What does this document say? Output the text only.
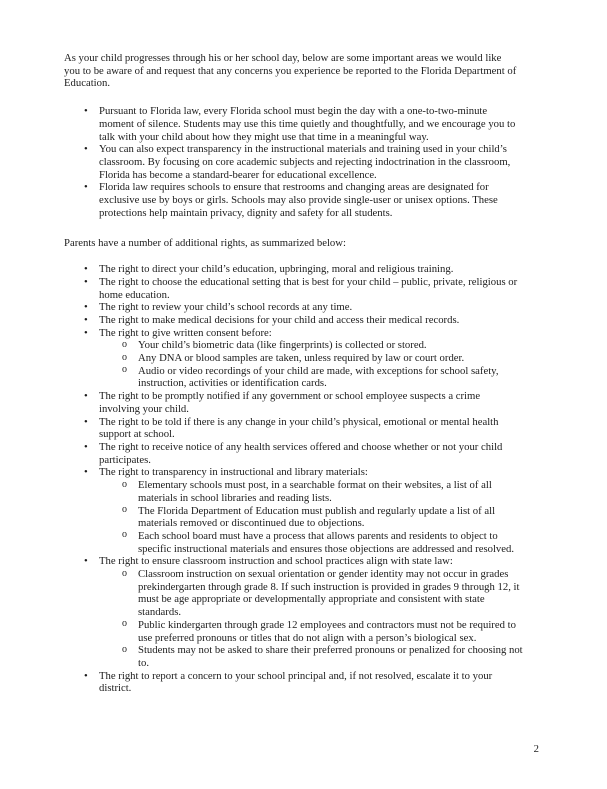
As your child progresses through his or her school day, below are some important areas we would like
you to be aware of and request that any concerns you experience be reported to the Florida Department of
Education.

• Pursuant to Florida law, every Florida school must begin the day with a one-to-two-minute
moment of silence. Students may use this time quietly and thoughtfully, and we encourage you to
talk with your child about how they might use that time in a meaningful way.
• You can also expect transparency in the instructional materials and training used in your child’s
classroom. By focusing on core academic subjects and rejecting indoctrination in the classroom,
Florida has become a standard-bearer for educational excellence.
• Florida law requires schools to ensure that restrooms and changing areas are designated for
exclusive use by boys or girls. Schools may also provide single-user or unisex options. These
protections help maintain privacy, dignity and safety for all students.

Parents have a number of additional rights, as summarized below:

• The right to direct your child’s education, upbringing, moral and religious training.
• The right to choose the educational setting that is best for your child – public, private, religious or
home education.
• The right to review your child’s school records at any time.
• The right to make medical decisions for your child and access their medical records.
• The right to give written consent before:
o Your child’s biometric data (like fingerprints) is collected or stored.
o Any DNA or blood samples are taken, unless required by law or court order.
o Audio or video recordings of your child are made, with exceptions for school safety,
instruction, activities or identification cards.
• The right to be promptly notified if any government or school employee suspects a crime
involving your child.
• The right to be told if there is any change in your child’s physical, emotional or mental health
support at school.
• The right to receive notice of any health services offered and choose whether or not your child
participates.
• The right to transparency in instructional and library materials:
o Elementary schools must post, in a searchable format on their websites, a list of all
materials in school libraries and reading lists.
o The Florida Department of Education must publish and regularly update a list of all
materials removed or discontinued due to objections.
o Each school board must have a process that allows parents and residents to object to
specific instructional materials and ensures those objections are addressed and resolved.
• The right to ensure classroom instruction and school practices align with state law:
o Classroom instruction on sexual orientation or gender identity may not occur in grades
prekindergarten through grade 8. If such instruction is provided in grades 9 through 12, it
must be age appropriate or developmentally appropriate and consistent with state
standards.
o Public kindergarten through grade 12 employees and contractors must not be required to
use preferred pronouns or titles that do not align with a person’s biological sex.
o Students may not be asked to share their preferred pronouns or penalized for choosing not
to.
• The right to report a concern to your school principal and, if not resolved, escalate it to your
district.
2
